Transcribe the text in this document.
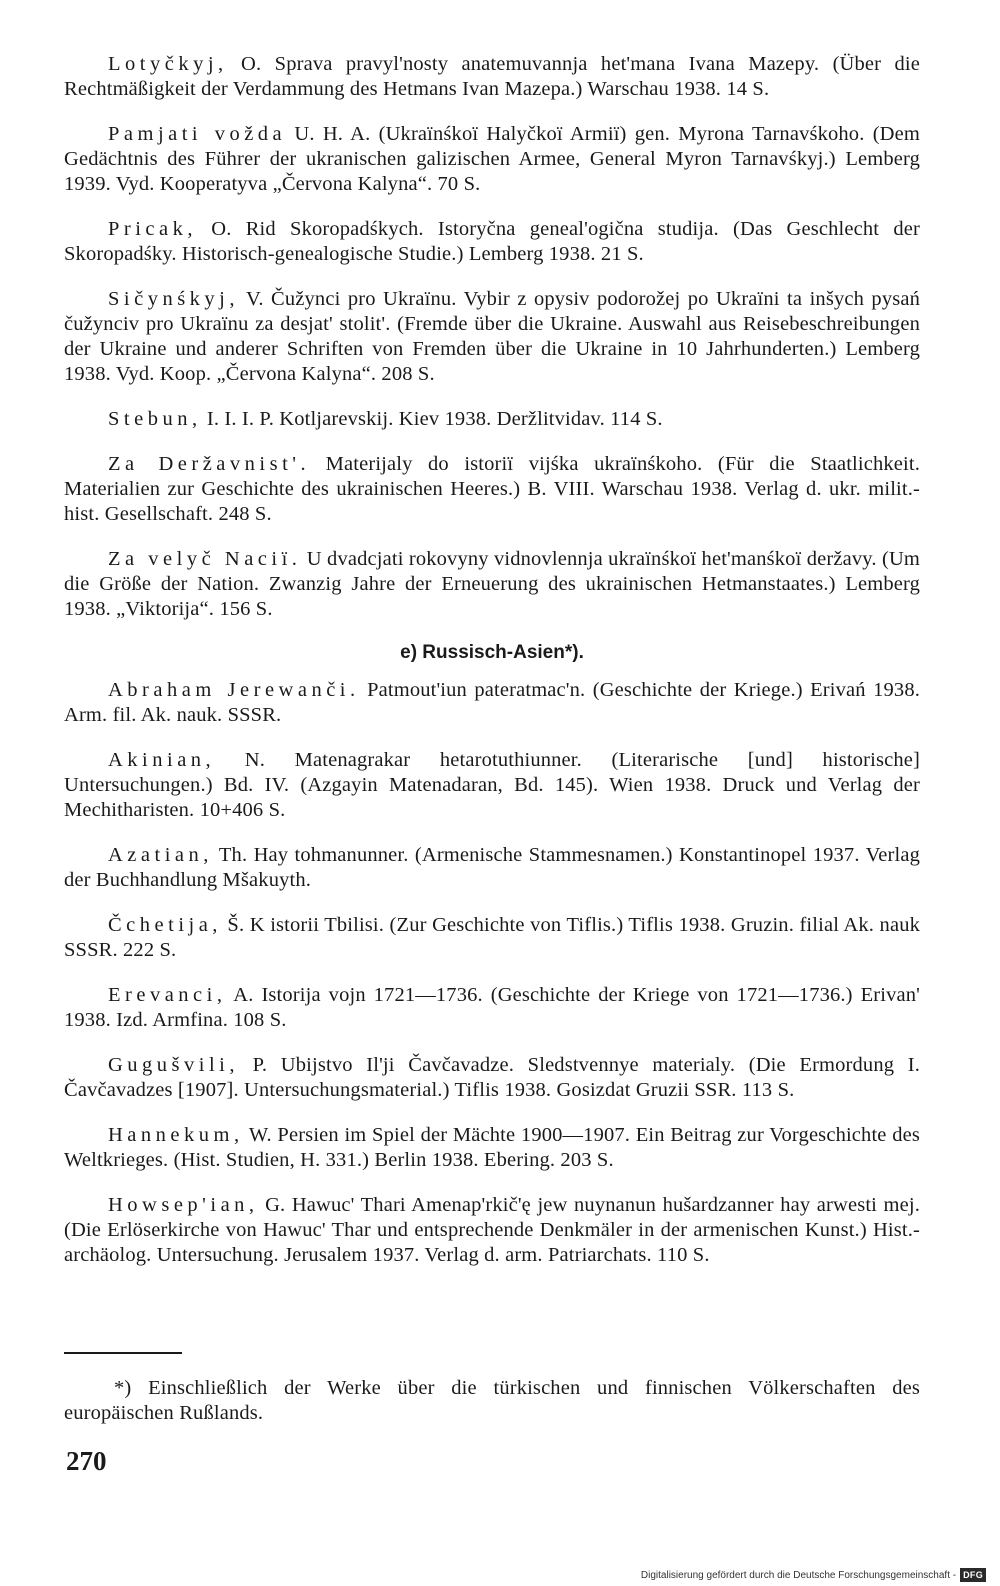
Lotyčkyj, O. Sprava pravyl'nosty anatemuvannja het'mana Ivana Mazepy. (Über die Rechtmäßigkeit der Verdammung des Hetmans Ivan Mazepa.) Warschau 1938. 14 S.
Pamjati vožda U. H. A. (Ukraïnśkoï Halyčkoï Armiï) gen. Myrona Tarnavśkoho. (Dem Gedächtnis des Führer der ukranischen galizischen Armee, General Myron Tarnavśkyj.) Lemberg 1939. Vyd. Kooperatyva „Červona Kalyna“. 70 S.
Pricak, O. Rid Skoropadśkych. Istoryčna geneal'ogična studija. (Das Geschlecht der Skoropadśky. Historisch-genealogische Studie.) Lemberg 1938. 21 S.
Sičynśkyj, V. Čužynci pro Ukraïnu. Vybir z opysiv podorožej po Ukraïni ta inšych pysań čužynciv pro Ukraïnu za desjat' stolit'. (Fremde über die Ukraine. Auswahl aus Reisebeschreibungen der Ukraine und anderer Schriften von Fremden über die Ukraine in 10 Jahrhunderten.) Lemberg 1938. Vyd. Koop. „Červona Kalyna“. 208 S.
Stebun, I. I. I. P. Kotljarevskij. Kiev 1938. Deržlitvidav. 114 S.
Za Deržavnist'. Materijaly do istoriï vijśka ukraïnśkoho. (Für die Staatlichkeit. Materialien zur Geschichte des ukrainischen Heeres.) B. VIII. Warschau 1938. Verlag d. ukr. milit.-hist. Gesellschaft. 248 S.
Za velyč Naciï. U dvadcjati rokovyny vidnovlennja ukraïnśkoï het'manśkoï deržavy. (Um die Größe der Nation. Zwanzig Jahre der Erneuerung des ukrainischen Hetmanstaates.) Lemberg 1938. „Viktorija“. 156 S.
e) Russisch-Asien*).
Abraham Jerewanči. Patmout'iun pateratmac'n. (Geschichte der Kriege.) Erivań 1938. Arm. fil. Ak. nauk. SSSR.
Akinian, N. Matenagrakar hetarotuthiunner. (Literarische [und] historische] Untersuchungen.) Bd. IV. (Azgayin Matenadaran, Bd. 145). Wien 1938. Druck und Verlag der Mechitharisten. 10+406 S.
Azatian, Th. Hay tohmanunner. (Armenische Stammesnamen.) Konstantinopel 1937. Verlag der Buchhandlung Mšakuyth.
Čchetija, Š. K istorii Tbilisi. (Zur Geschichte von Tiflis.) Tiflis 1938. Gruzin. filial Ak. nauk SSSR. 222 S.
Erevanci, A. Istorija vojn 1721—1736. (Geschichte der Kriege von 1721—1736.) Erivan' 1938. Izd. Armfina. 108 S.
Gugušvili, P. Ubijstvo Il'ji Čavčavadze. Sledstvennye materialy. (Die Ermordung I. Čavčavadzes [1907]. Untersuchungsmaterial.) Tiflis 1938. Gosizdat Gruzii SSR. 113 S.
Hannekum, W. Persien im Spiel der Mächte 1900—1907. Ein Beitrag zur Vorgeschichte des Weltkrieges. (Hist. Studien, H. 331.) Berlin 1938. Ebering. 203 S.
Howsep'ian, G. Hawuc' Thari Amenap'rkič'ę jew nuynanun hušardzanner hay arwesti mej. (Die Erlöserkirche von Hawuc' Thar und entsprechende Denkmäler in der armenischen Kunst.) Hist.-archäolog. Untersuchung. Jerusalem 1937. Verlag d. arm. Patriarchats. 110 S.
*) Einschließlich der Werke über die türkischen und finnischen Völkerschaften des europäischen Rußlands.
270
Digitalisierung gefördert durch die Deutsche Forschungsgemeinschaft - DFG
